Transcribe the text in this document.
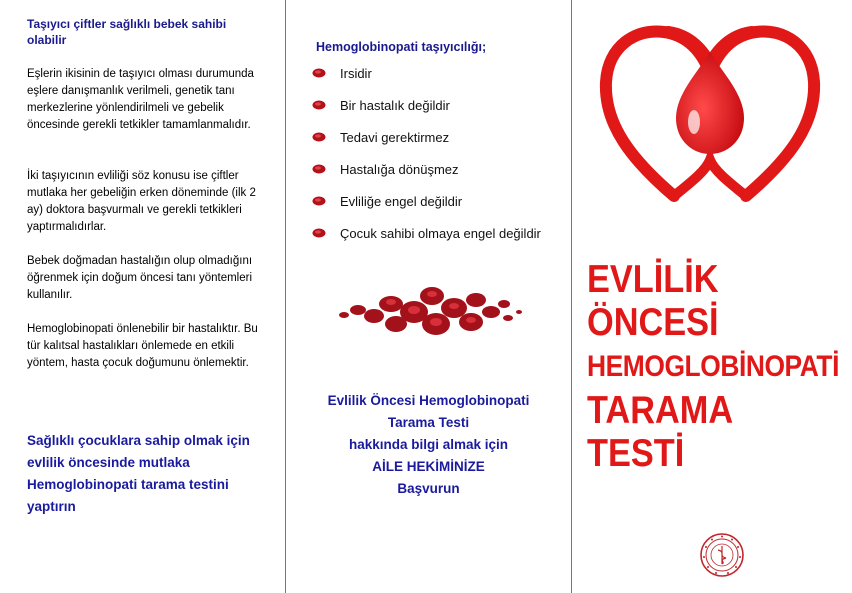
Taşıyıcı çiftler sağlıklı bebek sahibi olabilir
Eşlerin ikisinin de taşıyıcı olması durumunda eşlere danışmanlık verilmeli, genetik tanı merkezlerine yönlendirilmeli ve gebelik öncesinde gerekli tetkikler tamamlanmalıdır.
İki taşıyıcının evliliği söz konusu ise çiftler mutlaka her gebeliğin erken döneminde (ilk 2 ay) doktora başvurmalı ve gerekli tetkikleri yaptırmalıdırlar.
Bebek doğmadan hastalığın olup olmadığını öğrenmek için doğum öncesi tanı yöntemleri kullanılır.
Hemoglobinopati önlenebilir bir hastalıktır. Bu tür kalıtsal hastalıkları önlemede en etkili yöntem, hasta çocuk doğumunu önlemektir.
Sağlıklı çocuklara sahip olmak için evlilik öncesinde mutlaka Hemoglobinopati tarama testini yaptırın
Hemoglobinopati taşıyıcılığı;
Irsidir
Bir hastalık değildir
Tedavi gerektirmez
Hastalığa dönüşmez
Evliliğe engel değildir
Çocuk sahibi olmaya engel değildir
Evlilik Öncesi Hemoglobinopati
Tarama Testi
hakkında bilgi almak için
AİLE HEKİMİNİZE
Başvurun
EVLİLİK
ÖNCESİ
HEMOGLOBİNOPATİ
TARAMA
TESTİ
